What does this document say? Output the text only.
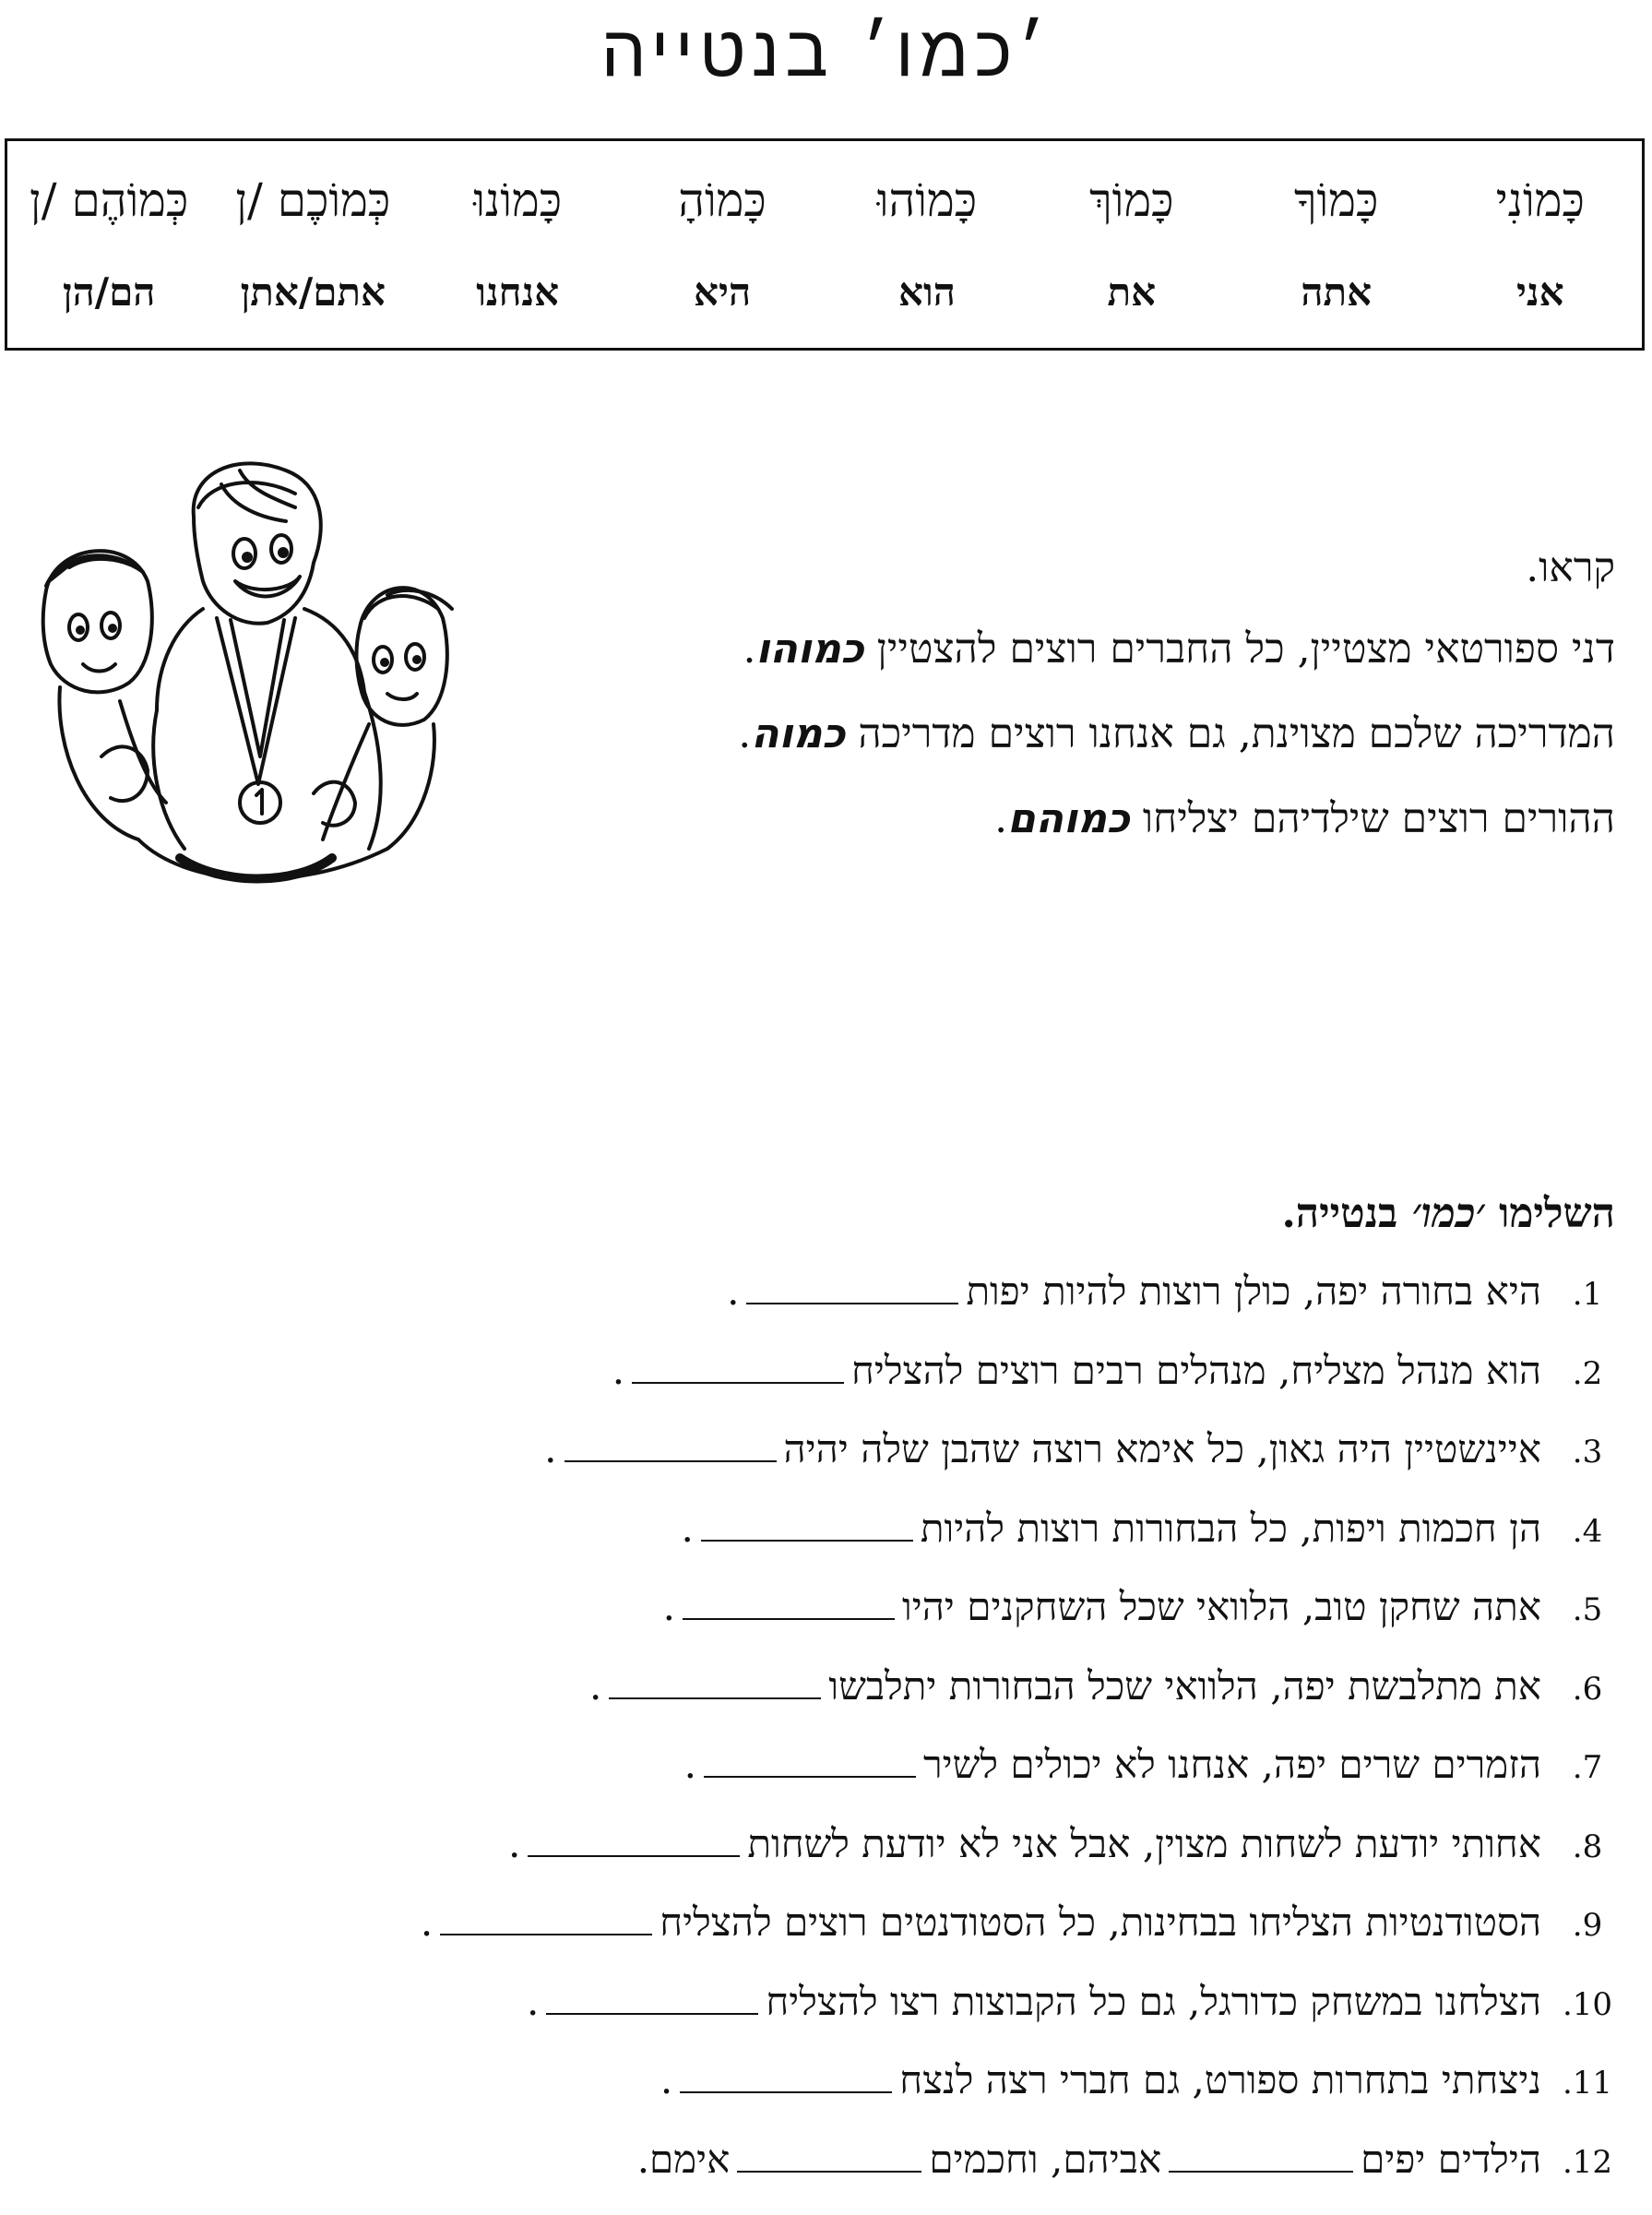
׳כמו׳ בנטייה
כָּמוֹנִי	כָּמוֹךָ	כָּמוֹךְ	כָּמוֹהוּ	כָּמוֹהָ	כָּמוֹנוּ	כְּמוֹכֶם /ן	כְּמוֹהֶם /ן
אני	אתה	את	הוא	היא	אנחנו	אתם/אתן	הם/הן
קראו.
דני ספורטאי מצטיין, כל החברים רוצים להצטיין כמוהו.
המדריכה שלכם מצוינת, גם אנחנו רוצים מדריכה כמוה.
ההורים רוצים שילדיהם יצליחו כמוהם.
השלימו ׳כמו׳ בנטייה.
1.
היא בחורה יפה, כולן רוצות להיות יפות
.
2.
הוא מנהל מצליח, מנהלים רבים רוצים להצליח
.
3.
איינשטיין היה גאון, כל אימא רוצה שהבן שלה יהיה
.
4.
הן חכמות ויפות, כל הבחורות רוצות להיות
.
5.
אתה שחקן טוב, הלוואי שכל השחקנים יהיו
.
6.
את מתלבשת יפה, הלוואי שכל הבחורות יתלבשו
.
7.
הזמרים שרים יפה, אנחנו לא יכולים לשיר
.
8.
אחותי יודעת לשחות מצוין, אבל אני לא יודעת לשחות
.
9.
הסטודנטיות הצליחו בבחינות, כל הסטודנטים רוצים להצליח
.
10.
הצלחנו במשחק כדורגל, גם כל הקבוצות רצו להצליח
.
11.
ניצחתי בתחרות ספורט, גם חברי רצה לנצח
.
12.
הילדים יפים
אביהם, וחכמים
אימם.
